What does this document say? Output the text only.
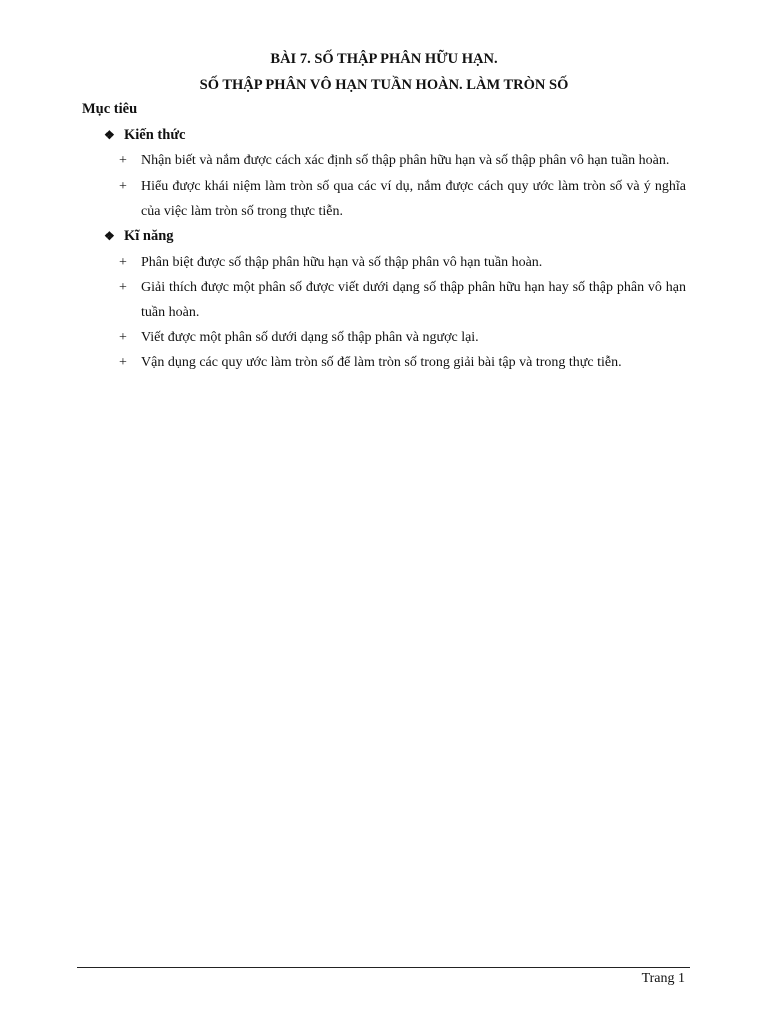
BÀI 7. SỐ THẬP PHÂN HỮU HẠN.
SỐ THẬP PHÂN VÔ HẠN TUẦN HOÀN. LÀM TRÒN SỐ
Mục tiêu
❖ Kiến thức
+	Nhận biết và nắm được cách xác định số thập phân hữu hạn và số thập phân vô hạn tuần hoàn.
+	Hiểu được khái niệm làm tròn số qua các ví dụ, nắm được cách quy ước làm tròn số và ý nghĩa của việc làm tròn số trong thực tiễn.
❖ Kĩ năng
+	Phân biệt được số thập phân hữu hạn và số thập phân vô hạn tuần hoàn.
+	Giải thích được một phân số được viết dưới dạng số thập phân hữu hạn hay số thập phân vô hạn tuần hoàn.
+	Viết được một phân số dưới dạng số thập phân và ngược lại.
+	Vận dụng các quy ước làm tròn số để làm tròn số trong giải bài tập và trong thực tiễn.
Trang 1
